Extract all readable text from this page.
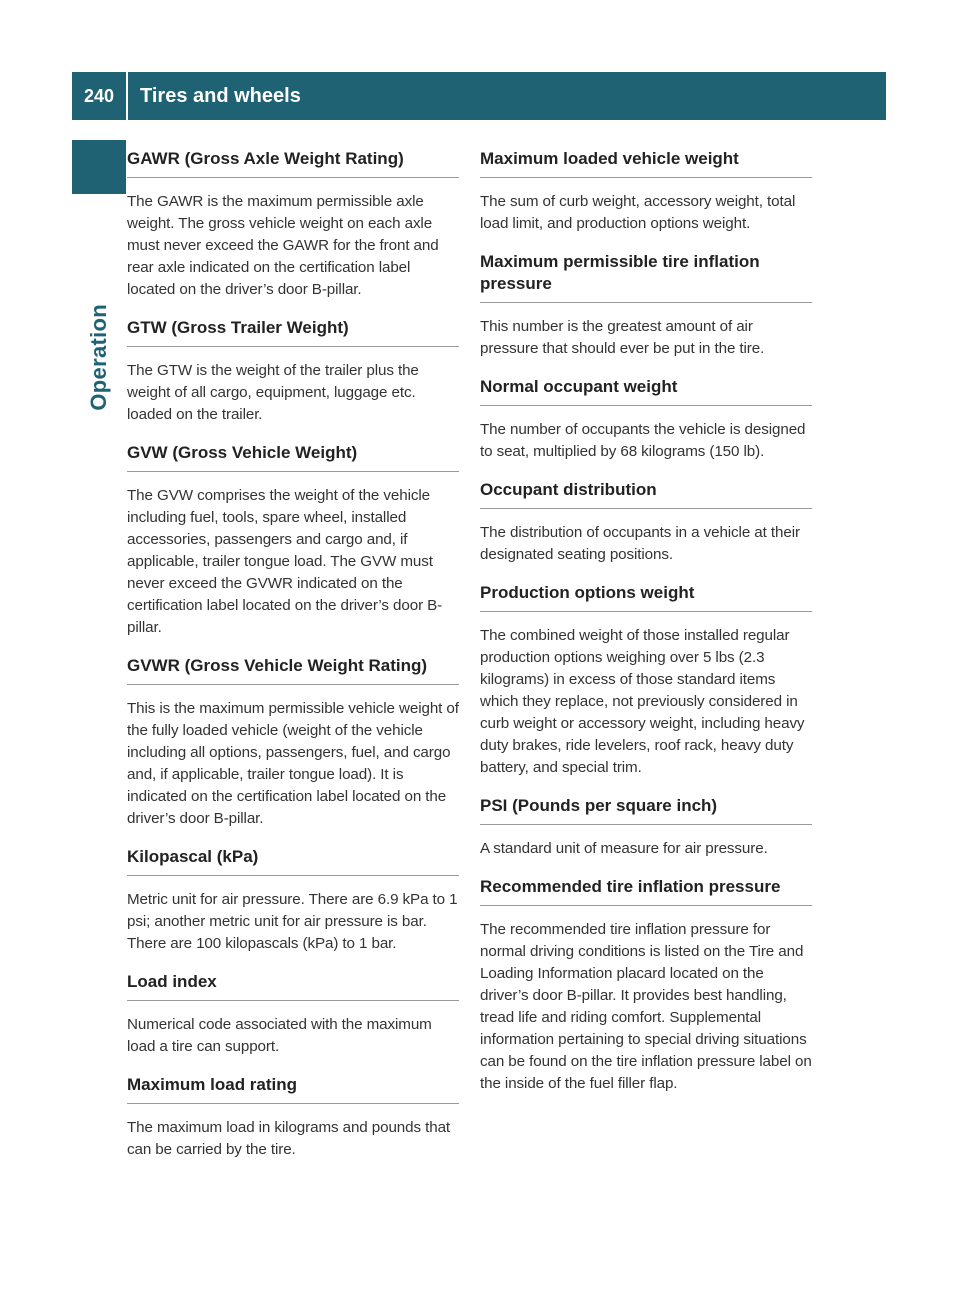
240	Tires and wheels
Operation
GAWR (Gross Axle Weight Rating)
The GAWR is the maximum permissible axle weight. The gross vehicle weight on each axle must never exceed the GAWR for the front and rear axle indicated on the certification label located on the driver’s door B-pillar.
GTW (Gross Trailer Weight)
The GTW is the weight of the trailer plus the weight of all cargo, equipment, luggage etc. loaded on the trailer.
GVW (Gross Vehicle Weight)
The GVW comprises the weight of the vehicle including fuel, tools, spare wheel, installed accessories, passengers and cargo and, if applicable, trailer tongue load. The GVW must never exceed the GVWR indicated on the certification label located on the driver’s door B-pillar.
GVWR (Gross Vehicle Weight Rating)
This is the maximum permissible vehicle weight of the fully loaded vehicle (weight of the vehicle including all options, passengers, fuel, and cargo and, if applicable, trailer tongue load). It is indicated on the certification label located on the driver’s door B-pillar.
Kilopascal (kPa)
Metric unit for air pressure. There are 6.9 kPa to 1 psi; another metric unit for air pressure is bar. There are 100 kilopascals (kPa) to 1 bar.
Load index
Numerical code associated with the maximum load a tire can support.
Maximum load rating
The maximum load in kilograms and pounds that can be carried by the tire.
Maximum loaded vehicle weight
The sum of curb weight, accessory weight, total load limit, and production options weight.
Maximum permissible tire inflation pressure
This number is the greatest amount of air pressure that should ever be put in the tire.
Normal occupant weight
The number of occupants the vehicle is designed to seat, multiplied by 68 kilograms (150 lb).
Occupant distribution
The distribution of occupants in a vehicle at their designated seating positions.
Production options weight
The combined weight of those installed regular production options weighing over 5 lbs (2.3 kilograms) in excess of those standard items which they replace, not previously considered in curb weight or accessory weight, including heavy duty brakes, ride levelers, roof rack, heavy duty battery, and special trim.
PSI (Pounds per square inch)
A standard unit of measure for air pressure.
Recommended tire inflation pressure
The recommended tire inflation pressure for normal driving conditions is listed on the Tire and Loading Information placard located on the driver’s door B-pillar. It provides best handling, tread life and riding comfort. Supplemental information pertaining to special driving situations can be found on the tire inflation pressure label on the inside of the fuel filler flap.
